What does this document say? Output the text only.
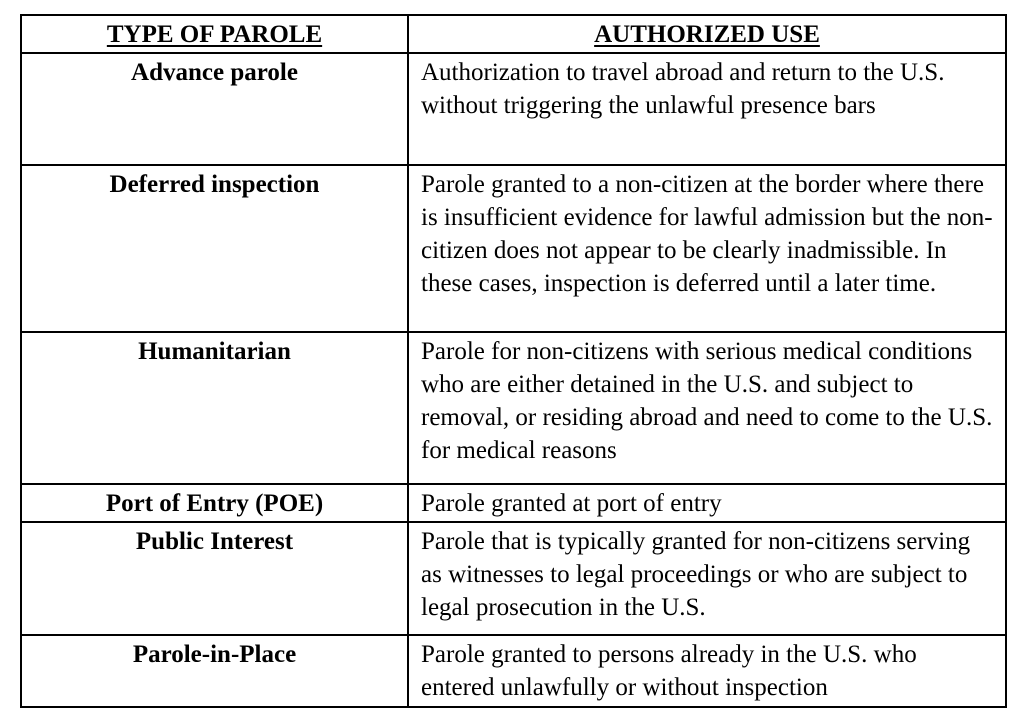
TYPE OF PAROLE	AUTHORIZED USE

Advance parole	Authorization to travel abroad and return to the U.S. without triggering the unlawful presence bars

Deferred inspection	Parole granted to a non-citizen at the border where there is insufficient evidence for lawful admission but the non-citizen does not appear to be clearly inadmissible. In these cases, inspection is deferred until a later time.

Humanitarian	Parole for non-citizens with serious medical conditions who are either detained in the U.S. and subject to removal, or residing abroad and need to come to the U.S. for medical reasons

Port of Entry (POE)	Parole granted at port of entry

Public Interest	Parole that is typically granted for non-citizens serving as witnesses to legal proceedings or who are subject to legal prosecution in the U.S.

Parole-in-Place	Parole granted to persons already in the U.S. who entered unlawfully or without inspection
